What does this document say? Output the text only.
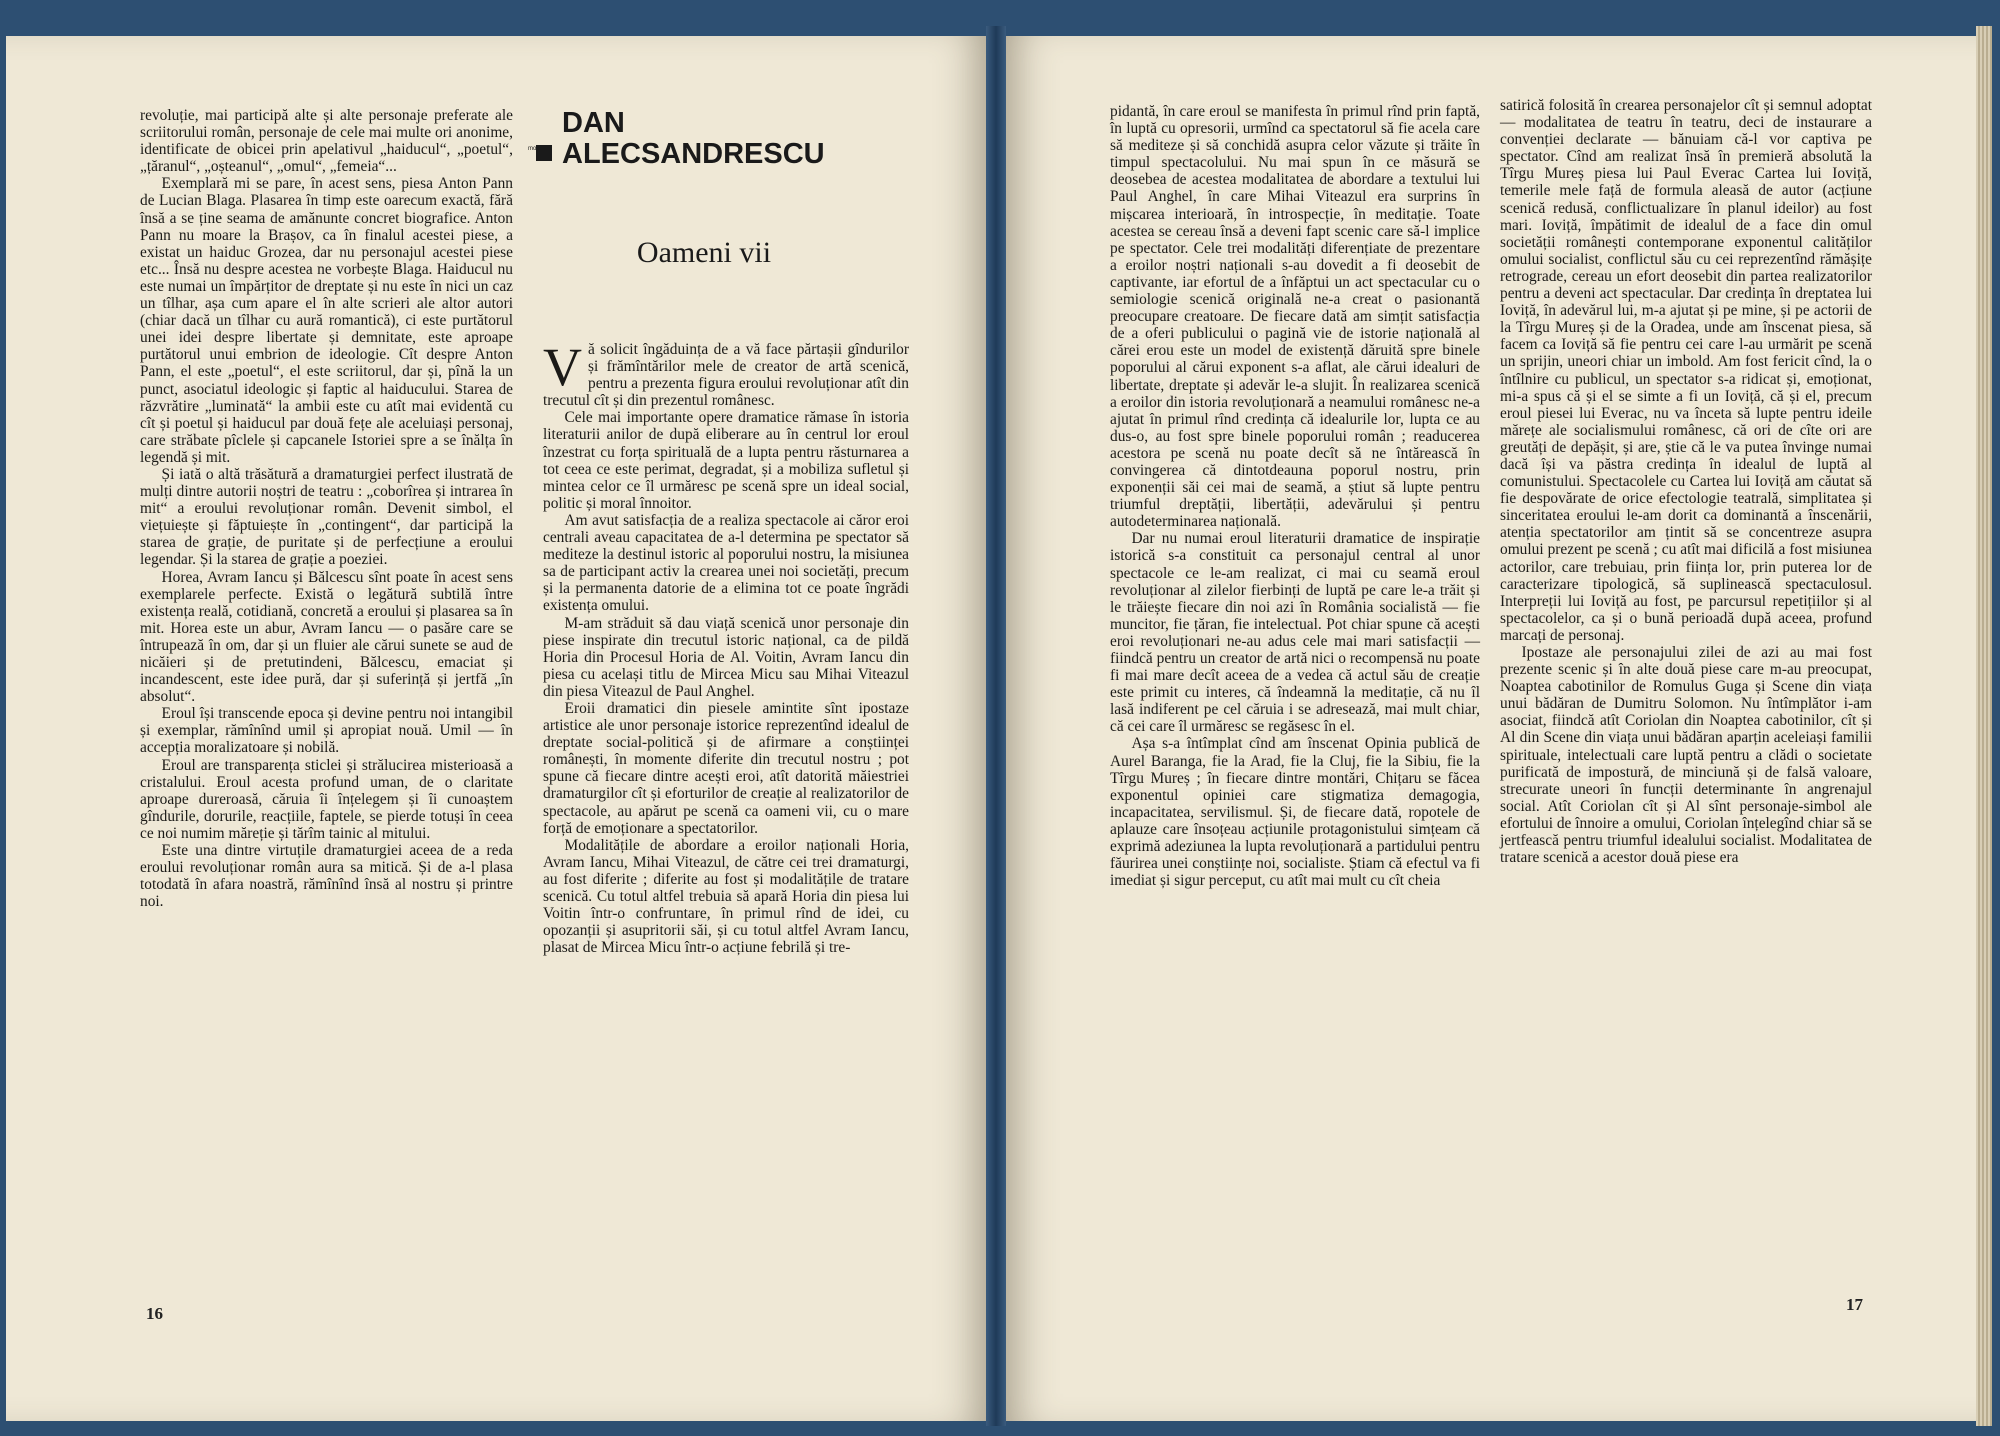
revoluție, mai participă alte și alte personaje preferate ale scriitorului român, personaje de cele mai multe ori anonime, identificate de obicei prin apelativul „haiducul“, „poetul“, „țăranul“, „oșteanul“, „omul“, „femeia“...

Exemplară mi se pare, în acest sens, piesa Anton Pann de Lucian Blaga. Plasarea în timp este oarecum exactă, fără însă a se ține seama de amănunte concret biografice. Anton Pann nu moare la Brașov, ca în finalul acestei piese, a existat un haiduc Grozea, dar nu personajul acestei piese etc... Însă nu despre acestea ne vorbește Blaga. Haiducul nu este numai un împărțitor de dreptate și nu este în nici un caz un tîlhar, așa cum apare el în alte scrieri ale altor autori (chiar dacă un tîlhar cu aură romantică), ci este purtătorul unei idei despre libertate și demnitate, este aproape purtătorul unui embrion de ideologie. Cît despre Anton Pann, el este „poetul“, el este scriitorul, dar și, pînă la un punct, asociatul ideologic și faptic al haiducului. Starea de răzvrătire „luminată“ la ambii este cu atît mai evidentă cu cît și poetul și haiducul par două fețe ale aceluiași personaj, care străbate pîclele și capcanele Istoriei spre a se înălța în legendă și mit.

Și iată o altă trăsătură a dramaturgiei perfect ilustrată de mulți dintre autorii noștri de teatru : „coborîrea și intrarea în mit“ a eroului revoluționar român. Devenit simbol, el viețuiește și făptuiește în „contingent“, dar participă la starea de grație, de puritate și de perfecțiune a eroului legendar. Și la starea de grație a poeziei.

Horea, Avram Iancu și Bălcescu sînt poate în acest sens exemplarele perfecte. Există o legătură subtilă între existența reală, cotidiană, concretă a eroului și plasarea sa în mit. Horea este un abur, Avram Iancu — o pasăre care se întrupează în om, dar și un fluier ale cărui sunete se aud de nicăieri și de pretutindeni, Bălcescu, emaciat și incandescent, este idee pură, dar și suferință și jertfă „în absolut“.

Eroul își transcende epoca și devine pentru noi intangibil și exemplar, rămînînd umil și apropiat nouă. Umil — în accepția moralizatoare și nobilă.

Eroul are transparența sticlei și strălucirea misterioasă a cristalului. Eroul acesta profund uman, de o claritate aproape dureroasă, căruia îi înțelegem și îi cunoaștem gîndurile, dorurile, reacțiile, faptele, se pierde totuși în ceea ce noi numim măreție și tărîm tainic al mitului.

Este una dintre virtuțile dramaturgiei aceea de a reda eroului revoluționar român aura sa mitică. Și de a-l plasa totodată în afara noastră, rămînînd însă al nostru și printre noi.

mo
DAN ALECSANDRESCU
Oameni vii

Vă solicit îngăduința de a vă face părtașii gîndurilor și frămîntărilor mele de creator de artă scenică, pentru a prezenta figura eroului revoluționar atît din trecutul cît și din prezentul românesc.

Cele mai importante opere dramatice rămase în istoria literaturii anilor de după eliberare au în centrul lor eroul înzestrat cu forța spirituală de a lupta pentru răsturnarea a tot ceea ce este perimat, degradat, și a mobiliza sufletul și mintea celor ce îl urmăresc pe scenă spre un ideal social, politic și moral înnoitor.

Am avut satisfacția de a realiza spectacole ai căror eroi centrali aveau capacitatea de a-l determina pe spectator să mediteze la destinul istoric al poporului nostru, la misiunea sa de participant activ la crearea unei noi societăți, precum și la permanenta datorie de a elimina tot ce poate îngrădi existența omului.

M-am străduit să dau viață scenică unor personaje din piese inspirate din trecutul istoric național, ca de pildă Horia din Procesul Horia de Al. Voitin, Avram Iancu din piesa cu același titlu de Mircea Micu sau Mihai Viteazul din piesa Viteazul de Paul Anghel.

Eroii dramatici din piesele amintite sînt ipostaze artistice ale unor personaje istorice reprezentînd idealul de dreptate social-politică și de afirmare a conștiinței românești, în momente diferite din trecutul nostru ; pot spune că fiecare dintre acești eroi, atît datorită măiestriei dramaturgilor cît și eforturilor de creație al realizatorilor de spectacole, au apărut pe scenă ca oameni vii, cu o mare forță de emoționare a spectatorilor.

Modalitățile de abordare a eroilor naționali Horia, Avram Iancu, Mihai Viteazul, de către cei trei dramaturgi, au fost diferite ; diferite au fost și modalitățile de tratare scenică. Cu totul altfel trebuia să apară Horia din piesa lui Voitin într-o confruntare, în primul rînd de idei, cu opozanții și asupritorii săi, și cu totul altfel Avram Iancu, plasat de Mircea Micu într-o acțiune febrilă și tre-

16

pidantă, în care eroul se manifesta în primul rînd prin faptă, în luptă cu opresorii, urmînd ca spectatorul să fie acela care să mediteze și să conchidă asupra celor văzute și trăite în timpul spectacolului. Nu mai spun în ce măsură se deosebea de acestea modalitatea de abordare a textului lui Paul Anghel, în care Mihai Viteazul era surprins în mișcarea interioară, în introspecție, în meditație. Toate acestea se cereau însă a deveni fapt scenic care să-l implice pe spectator. Cele trei modalități diferențiate de prezentare a eroilor noștri naționali s-au dovedit a fi deosebit de captivante, iar efortul de a înfăptui un act spectacular cu o semiologie scenică originală ne-a creat o pasionantă preocupare creatoare. De fiecare dată am simțit satisfacția de a oferi publicului o pagină vie de istorie națională al cărei erou este un model de existență dăruită spre binele poporului al cărui exponent s-a aflat, ale cărui idealuri de libertate, dreptate și adevăr le-a slujit. În realizarea scenică a eroilor din istoria revoluționară a neamului românesc ne-a ajutat în primul rînd credința că idealurile lor, lupta ce au dus-o, au fost spre binele poporului român ; readucerea acestora pe scenă nu poate decît să ne întărească în convingerea că dintotdeauna poporul nostru, prin exponenții săi cei mai de seamă, a știut să lupte pentru triumful dreptății, libertății, adevărului și pentru autodeterminarea națională.

Dar nu numai eroul literaturii dramatice de inspirație istorică s-a constituit ca personajul central al unor spectacole ce le-am realizat, ci mai cu seamă eroul revoluționar al zilelor fierbinți de luptă pe care le-a trăit și le trăiește fiecare din noi azi în România socialistă — fie muncitor, fie țăran, fie intelectual. Pot chiar spune că acești eroi revoluționari ne-au adus cele mai mari satisfacții — fiindcă pentru un creator de artă nici o recompensă nu poate fi mai mare decît aceea de a vedea că actul său de creație este primit cu interes, că îndeamnă la meditație, că nu îl lasă indiferent pe cel căruia i se adresează, mai mult chiar, că cei care îl urmăresc se regăsesc în el.

Așa s-a întîmplat cînd am înscenat Opinia publică de Aurel Baranga, fie la Arad, fie la Cluj, fie la Sibiu, fie la Tîrgu Mureș ; în fiecare dintre montări, Chițaru se făcea exponentul opiniei care stigmatiza demagogia, incapacitatea, servilismul. Și, de fiecare dată, ropotele de aplauze care însoțeau acțiunile protagonistului simțeam că exprimă adeziunea la lupta revoluționară a partidului pentru făurirea unei conștiințe noi, socialiste. Știam că efectul va fi imediat și sigur perceput, cu atît mai mult cu cît cheia

satirică folosită în crearea personajelor cît și semnul adoptat — modalitatea de teatru în teatru, deci de instaurare a convenției declarate — bănuiam că-l vor captiva pe spectator. Cînd am realizat însă în premieră absolută la Tîrgu Mureș piesa lui Paul Everac Cartea lui Ioviță, temerile mele față de formula aleasă de autor (acțiune scenică redusă, conflictualizare în planul ideilor) au fost mari. Ioviță, împătimit de idealul de a face din omul societății românești contemporane exponentul calităților omului socialist, conflictul său cu cei reprezentînd rămășițe retrograde, cereau un efort deosebit din partea realizatorilor pentru a deveni act spectacular. Dar credința în dreptatea lui Ioviță, în adevărul lui, m-a ajutat și pe mine, și pe actorii de la Tîrgu Mureș și de la Oradea, unde am înscenat piesa, să facem ca Ioviță să fie pentru cei care l-au urmărit pe scenă un sprijin, uneori chiar un imbold. Am fost fericit cînd, la o întîlnire cu publicul, un spectator s-a ridicat și, emoționat, mi-a spus că și el se simte a fi un Ioviță, că și el, precum eroul piesei lui Everac, nu va înceta să lupte pentru ideile mărețe ale socialismului românesc, că ori de cîte ori are greutăți de depășit, și are, știe că le va putea învinge numai dacă își va păstra credința în idealul de luptă al comunistului. Spectacolele cu Cartea lui Ioviță am căutat să fie despovărate de orice efectologie teatrală, simplitatea și sinceritatea eroului le-am dorit ca dominantă a înscenării, atenția spectatorilor am țintit să se concentreze asupra omului prezent pe scenă ; cu atît mai dificilă a fost misiunea actorilor, care trebuiau, prin ființa lor, prin puterea lor de caracterizare tipologică, să suplinească spectaculosul. Interpreții lui Ioviță au fost, pe parcursul repetițiilor și al spectacolelor, ca și o bună perioadă după aceea, profund marcați de personaj.

Ipostaze ale personajului zilei de azi au mai fost prezente scenic și în alte două piese care m-au preocupat, Noaptea cabotinilor de Romulus Guga și Scene din viața unui bădăran de Dumitru Solomon. Nu întîmplător i-am asociat, fiindcă atît Coriolan din Noaptea cabotinilor, cît și Al din Scene din viața unui bădăran aparțin aceleiași familii spirituale, intelectuali care luptă pentru a clădi o societate purificată de impostură, de minciună și de falsă valoare, strecurate uneori în funcții determinante în angrenajul social. Atît Coriolan cît și Al sînt personaje-simbol ale efortului de înnoire a omului, Coriolan înțelegînd chiar să se jertfească pentru triumful idealului socialist. Modalitatea de tratare scenică a acestor două piese era

17
